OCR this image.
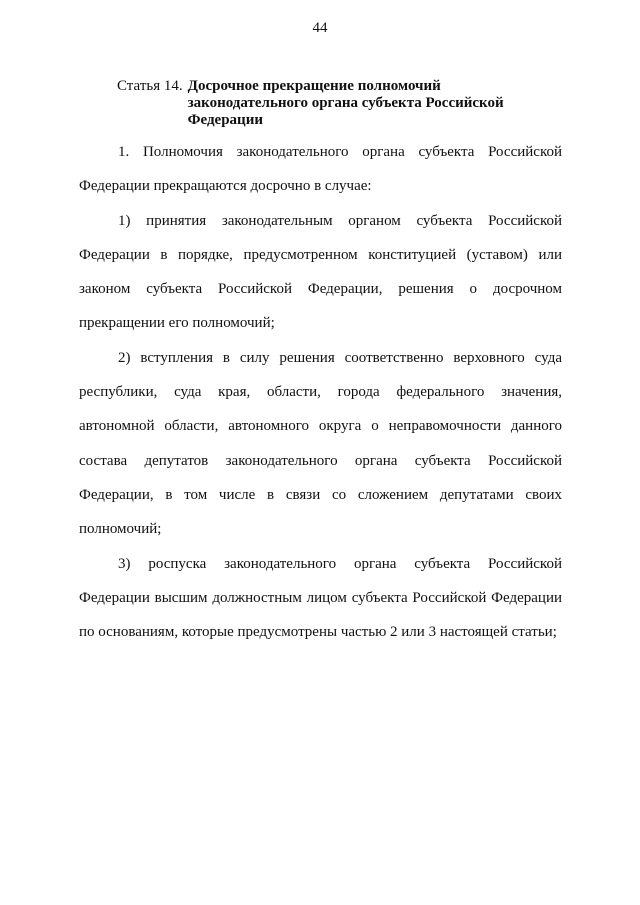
44
Статья 14. Досрочное прекращение полномочий законодательного органа субъекта Российской Федерации

1. Полномочия законодательного органа субъекта Российской Федерации прекращаются досрочно в случае:

1) принятия законодательным органом субъекта Российской Федерации в порядке, предусмотренном конституцией (уставом) или законом субъекта Российской Федерации, решения о досрочном прекращении его полномочий;

2) вступления в силу решения соответственно верховного суда республики, суда края, области, города федерального значения, автономной области, автономного округа о неправомочности данного состава депутатов законодательного органа субъекта Российской Федерации, в том числе в связи со сложением депутатами своих полномочий;

3) роспуска законодательного органа субъекта Российской Федерации высшим должностным лицом субъекта Российской Федерации по основаниям, которые предусмотрены частью 2 или 3 настоящей статьи;
